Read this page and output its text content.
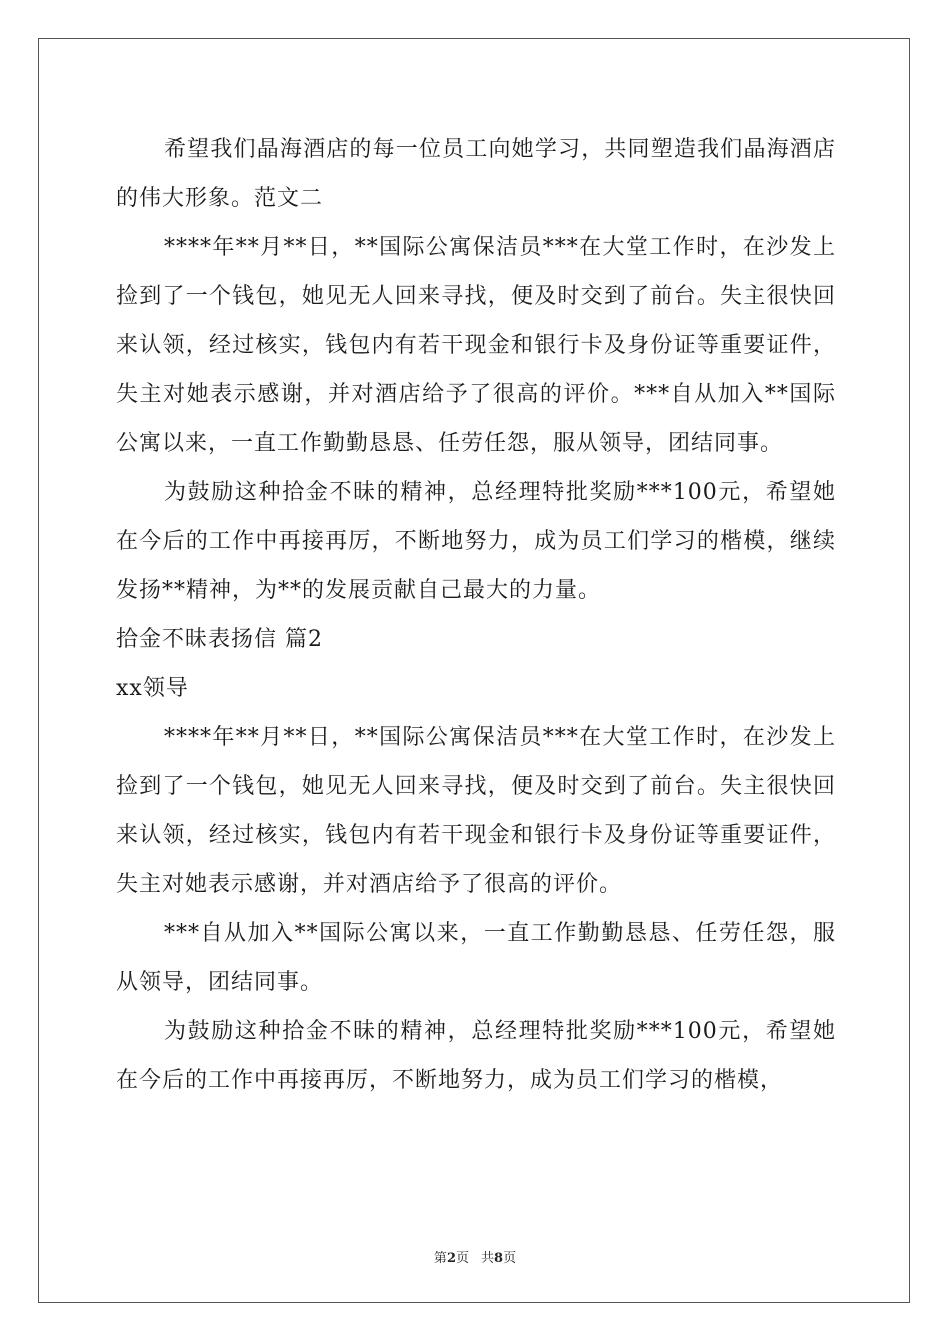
希望我们晶海酒店的每一位员工向她学习，共同塑造我们晶海酒店的伟大形象。范文二

****年**月**日，**国际公寓保洁员***在大堂工作时，在沙发上捡到了一个钱包，她见无人回来寻找，便及时交到了前台。失主很快回来认领，经过核实，钱包内有若干现金和银行卡及身份证等重要证件，失主对她表示感谢，并对酒店给予了很高的评价。***自从加入**国际公寓以来，一直工作勤勤恳恳、任劳任怨，服从领导，团结同事。

为鼓励这种拾金不昧的精神，总经理特批奖励***100元，希望她在今后的工作中再接再厉，不断地努力，成为员工们学习的楷模，继续发扬**精神，为**的发展贡献自己最大的力量。

拾金不昧表扬信 篇2

xx领导

****年**月**日，**国际公寓保洁员***在大堂工作时，在沙发上捡到了一个钱包，她见无人回来寻找，便及时交到了前台。失主很快回来认领，经过核实，钱包内有若干现金和银行卡及身份证等重要证件，失主对她表示感谢，并对酒店给予了很高的评价。

***自从加入**国际公寓以来，一直工作勤勤恳恳、任劳任怨，服从领导，团结同事。

为鼓励这种拾金不昧的精神，总经理特批奖励***100元，希望她在今后的工作中再接再厉，不断地努力，成为员工们学习的楷模，

第2页 共8页
